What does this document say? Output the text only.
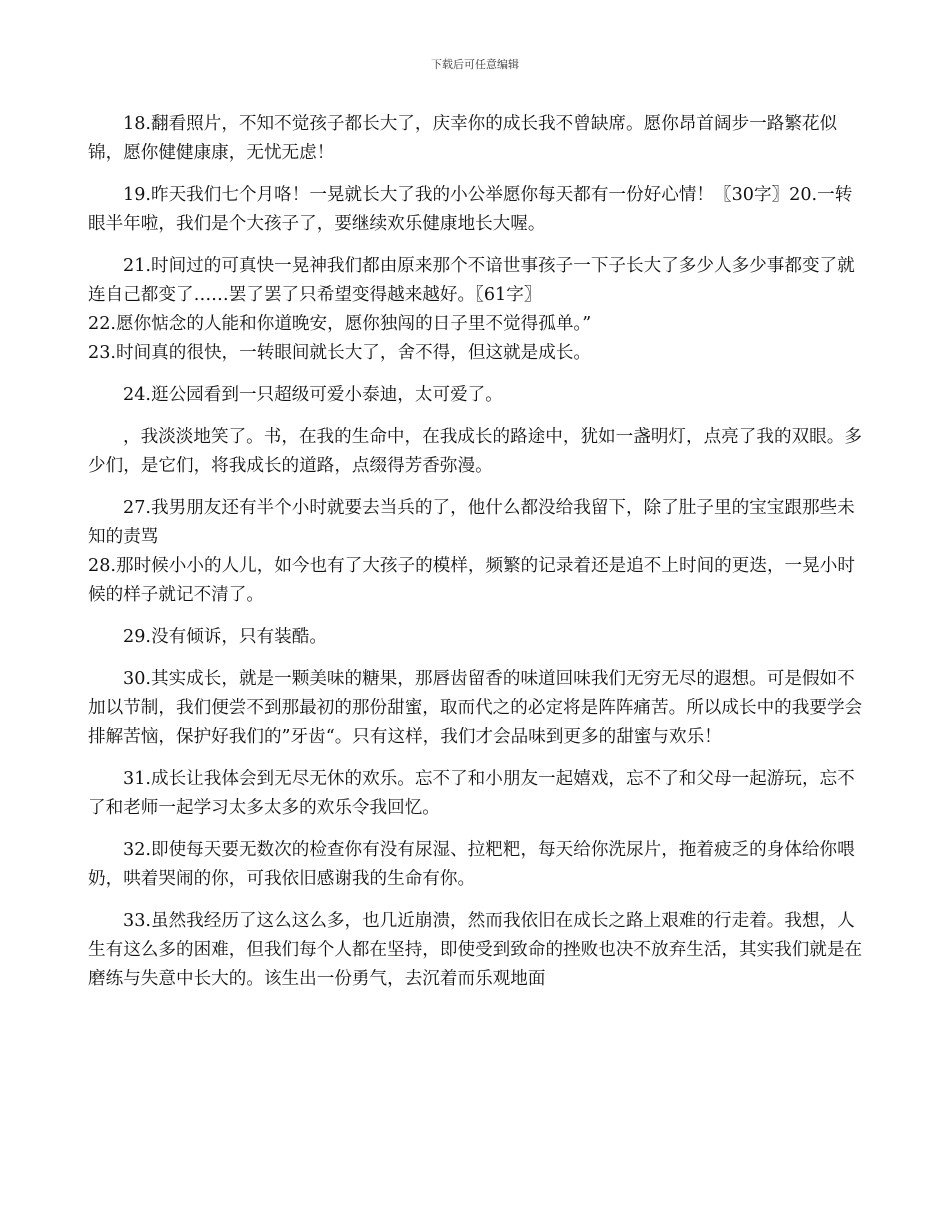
下载后可任意编辑

18.翻看照片，不知不觉孩子都长大了，庆幸你的成长我不曾缺席。愿你昂首阔步一路繁花似锦，愿你健健康康，无忧无虑！

19.昨天我们七个月咯！一晃就长大了我的小公举愿你每天都有一份好心情！〖30字〗20.一转眼半年啦，我们是个大孩子了，要继续欢乐健康地长大喔。

21.时间过的可真快一晃神我们都由原来那个不谙世事孩子一下子长大了多少人多少事都变了就连自己都变了……罢了罢了只希望变得越来越好。〖61字〗

22.愿你惦念的人能和你道晚安，愿你独闯的日子里不觉得孤单。”

23.时间真的很快，一转眼间就长大了，舍不得，但这就是成长。

24.逛公园看到一只超级可爱小泰迪，太可爱了。

，我淡淡地笑了。书，在我的生命中，在我成长的路途中，犹如一盏明灯，点亮了我的双眼。多少们，是它们，将我成长的道路，点缀得芳香弥漫。

27.我男朋友还有半个小时就要去当兵的了，他什么都没给我留下，除了肚子里的宝宝跟那些未知的责骂

28.那时候小小的人儿，如今也有了大孩子的模样，频繁的记录着还是追不上时间的更迭，一晃小时候的样子就记不清了。

29.没有倾诉，只有装酷。

30.其实成长，就是一颗美味的糖果，那唇齿留香的味道回味我们无穷无尽的遐想。可是假如不加以节制，我们便尝不到那最初的那份甜蜜，取而代之的必定将是阵阵痛苦。所以成长中的我要学会排解苦恼，保护好我们的”牙齿“。只有这样，我们才会品味到更多的甜蜜与欢乐！

31.成长让我体会到无尽无休的欢乐。忘不了和小朋友一起嬉戏，忘不了和父母一起游玩，忘不了和老师一起学习太多太多的欢乐令我回忆。

32.即使每天要无数次的检查你有没有尿湿、拉粑粑，每天给你洗尿片，拖着疲乏的身体给你喂奶，哄着哭闹的你，可我依旧感谢我的生命有你。

33.虽然我经历了这么这么多，也几近崩溃，然而我依旧在成长之路上艰难的行走着。我想，人生有这么多的困难，但我们每个人都在坚持，即使受到致命的挫败也决不放弃生活，其实我们就是在磨练与失意中长大的。该生出一份勇气，去沉着而乐观地面
